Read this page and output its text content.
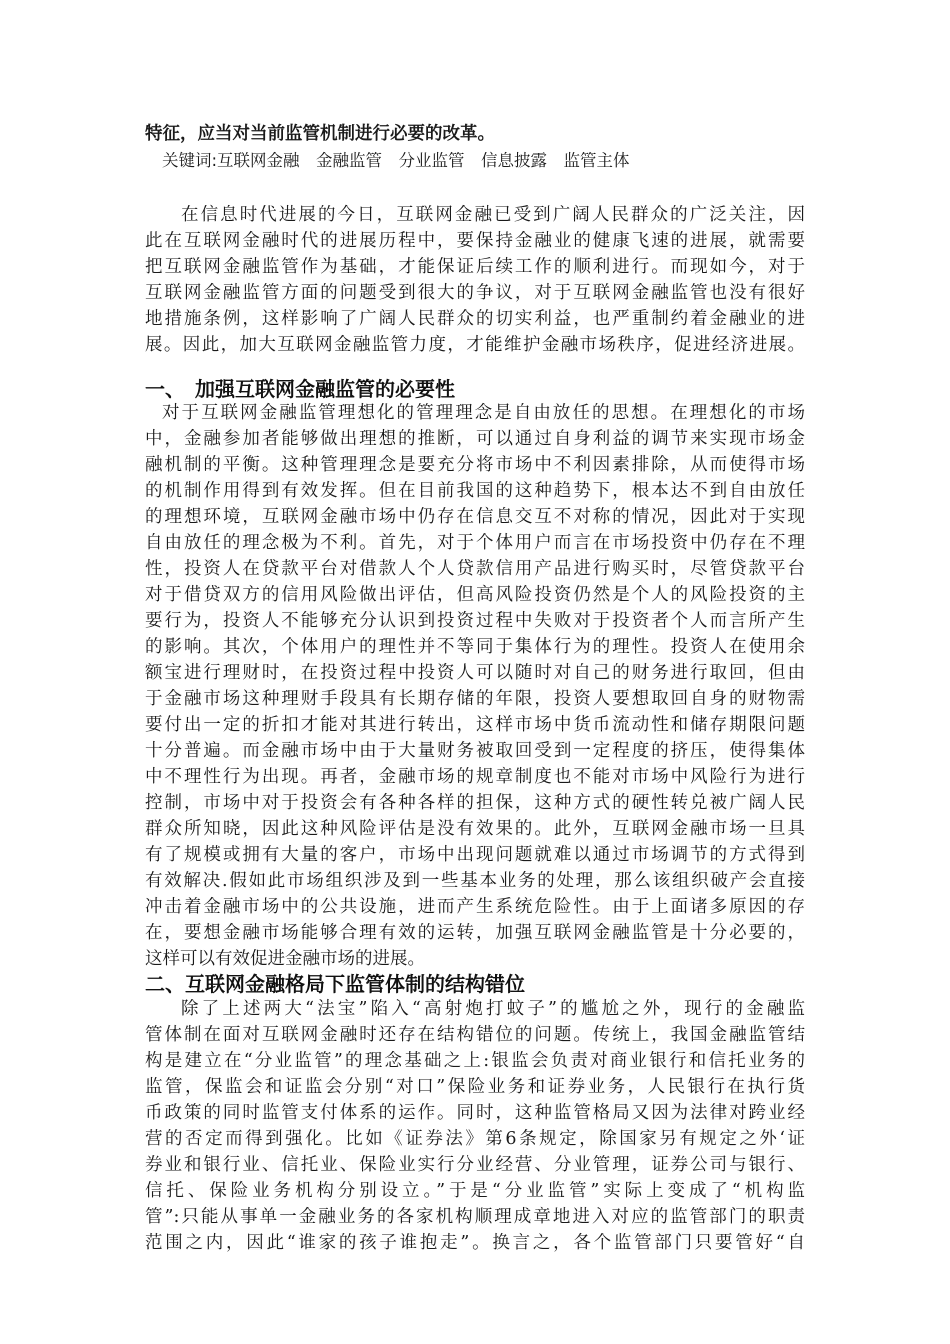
特征，应当对当前监管机制进行必要的改革。
关键词:互联网金融　金融监管　分业监管　信息披露　监管主体
在信息时代进展的今日，互联网金融已受到广阔人民群众的广泛关注，因
此在互联网金融时代的进展历程中，要保持金融业的健康飞速的进展，就需要
把互联网金融监管作为基础，才能保证后续工作的顺利进行。而现如今，对于
互联网金融监管方面的问题受到很大的争议，对于互联网金融监管也没有很好
地措施条例，这样影响了广阔人民群众的切实利益，也严重制约着金融业的进
展。因此，加大互联网金融监管力度，才能维护金融市场秩序，促进经济进展。
一、　加强互联网金融监管的必要性
对于互联网金融监管理想化的管理理念是自由放任的思想。在理想化的市场
中，金融参加者能够做出理想的推断，可以通过自身利益的调节来实现市场金
融机制的平衡。这种管理理念是要充分将市场中不利因素排除，从而使得市场
的机制作用得到有效发挥。但在目前我国的这种趋势下，根本达不到自由放任
的理想环境，互联网金融市场中仍存在信息交互不对称的情况，因此对于实现
自由放任的理念极为不利。首先，对于个体用户而言在市场投资中仍存在不理
性，投资人在贷款平台对借款人个人贷款信用产品进行购买时，尽管贷款平台
对于借贷双方的信用风险做出评估，但高风险投资仍然是个人的风险投资的主
要行为，投资人不能够充分认识到投资过程中失败对于投资者个人而言所产生
的影响。其次，个体用户的理性并不等同于集体行为的理性。投资人在使用余
额宝进行理财时，在投资过程中投资人可以随时对自己的财务进行取回，但由
于金融市场这种理财手段具有长期存储的年限，投资人要想取回自身的财物需
要付出一定的折扣才能对其进行转出，这样市场中货币流动性和储存期限问题
十分普遍。而金融市场中由于大量财务被取回受到一定程度的挤压，使得集体
中不理性行为出现。再者，金融市场的规章制度也不能对市场中风险行为进行
控制，市场中对于投资会有各种各样的担保，这种方式的硬性转兑被广阔人民
群众所知晓，因此这种风险评估是没有效果的。此外，互联网金融市场一旦具
有了规模或拥有大量的客户，市场中出现问题就难以通过市场调节的方式得到
有效解决.假如此市场组织涉及到一些基本业务的处理，那么该组织破产会直接
冲击着金融市场中的公共设施，进而产生系统危险性。由于上面诸多原因的存
在，要想金融市场能够合理有效的运转，加强互联网金融监管是十分必要的，
这样可以有效促进金融市场的进展。
二、互联网金融格局下监管体制的结构错位
除了上述两大“法宝”陷入“高射炮打蚊子”的尴尬之外，现行的金融监
管体制在面对互联网金融时还存在结构错位的问题。传统上，我国金融监管结
构是建立在“分业监管”的理念基础之上:银监会负责对商业银行和信托业务的
监管，保监会和证监会分别“对口”保险业务和证券业务，人民银行在执行货
币政策的同时监管支付体系的运作。同时，这种监管格局又因为法律对跨业经
营的否定而得到强化。比如《证券法》第6条规定，除国家另有规定之外‘证
券业和银行业、信托业、保险业实行分业经营、分业管理，证券公司与银行、
信托、保险业务机构分别设立。”于是“分业监管”实际上变成了“机构监
管”:只能从事单一金融业务的各家机构顺理成章地进入对应的监管部门的职责
范围之内，因此“谁家的孩子谁抱走”。换言之，各个监管部门只要管好“自
